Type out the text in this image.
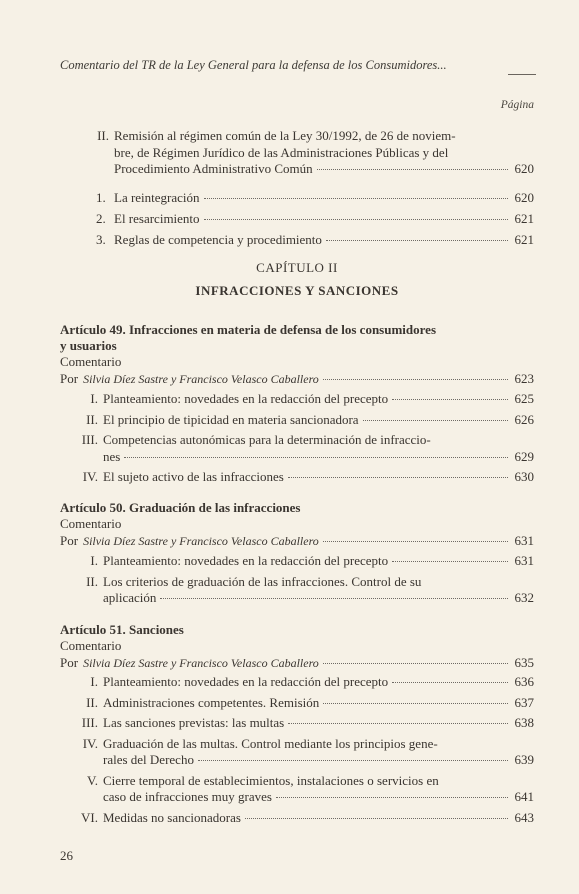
Comentario del TR de la Ley General para la defensa de los Consumidores...
Página
II. Remisión al régimen común de la Ley 30/1992, de 26 de noviem-
bre, de Régimen Jurídico de las Administraciones Públicas y del
Procedimiento Administrativo Común	620
1. La reintegración	620
2. El resarcimiento	621
3. Reglas de competencia y procedimiento	621
CAPÍTULO II
INFRACCIONES Y SANCIONES
Artículo 49. Infracciones en materia de defensa de los consumidores
y usuarios
Comentario
Por Silvia Díez Sastre y Francisco Velasco Caballero	623
I. Planteamiento: novedades en la redacción del precepto	625
II. El principio de tipicidad en materia sancionadora	626
III. Competencias autonómicas para la determinación de infraccio-
nes	629
IV. El sujeto activo de las infracciones	630
Artículo 50. Graduación de las infracciones
Comentario
Por Silvia Díez Sastre y Francisco Velasco Caballero	631
I. Planteamiento: novedades en la redacción del precepto	631
II. Los criterios de graduación de las infracciones. Control de su
aplicación	632
Artículo 51. Sanciones
Comentario
Por Silvia Díez Sastre y Francisco Velasco Caballero	635
I. Planteamiento: novedades en la redacción del precepto	636
II. Administraciones competentes. Remisión	637
III. Las sanciones previstas: las multas	638
IV. Graduación de las multas. Control mediante los principios gene-
rales del Derecho	639
V. Cierre temporal de establecimientos, instalaciones o servicios en
caso de infracciones muy graves	641
VI. Medidas no sancionadoras	643
26
